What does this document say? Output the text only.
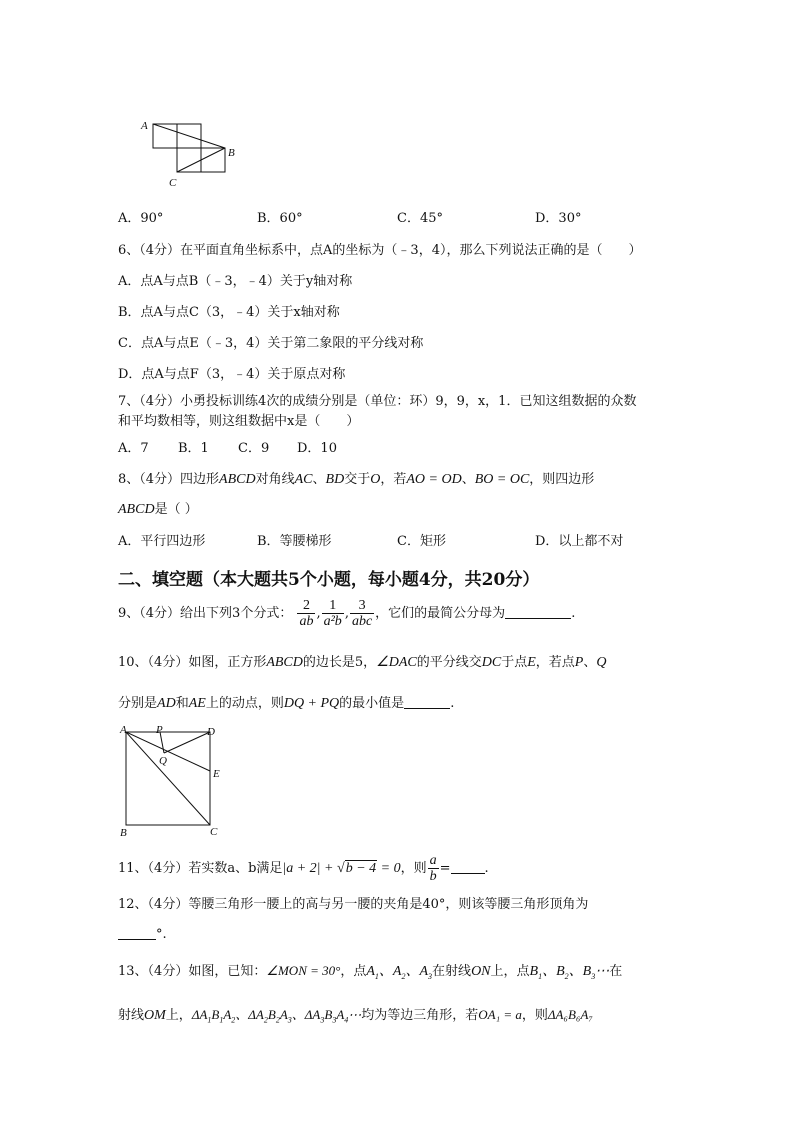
A
B
C
A．90°	B．60°	C．45°	D．30°
6、（4分）在平面直角坐标系中，点A的坐标为（﹣3，4），那么下列说法正确的是（　　）
A．点A与点B（﹣3，﹣4）关于y轴对称
B．点A与点C（3，﹣4）关于x轴对称
C．点A与点E（﹣3，4）关于第二象限的平分线对称
D．点A与点F（3，﹣4）关于原点对称
7、（4分）小勇投标训练4次的成绩分别是（单位：环）9，9，x，1．已知这组数据的众数
和平均数相等，则这组数据中x是（　　）
A．7 B．1 C．9 D．10
8、（4分）四边形ABCD对角线AC、BD交于O，若AO = OD、BO = OC，则四边形
ABCD是（ ）
A．平行四边形	B．等腰梯形	C．矩形	D．以上都不对
二、填空题（本大题共5个小题，每小题4分，共20分）
9、（4分）给出下列3个分式： $\frac{2}{ab}$ , $\frac{1}{\text{a²b}}$ , $\frac{3}{\text{abc}}$ ，它们的最简公分母为	.
10、（4分）如图，正方形ABCD的边长是5，∠DAC的平分线交DC于点E，若点P、Q
分别是AD和AE上的动点，则DQ + PQ的最小值是	.
A	P	D
Q
E
B	C
11、（4分）若实数a、b满足|a + 2| + √b − 4 = 0，则 $\frac{a}{b}$ =	.
12、（4分）等腰三角形一腰上的高与另一腰的夹角是40°，则该等腰三角形顶角为
°.
13、（4分）如图，已知：∠MON = 30°，点$A_1$、$A_2$、$A_3$在射线ON上，点$B_1$、$B_2$、$B_3\cdots$在
射线OM上，$\Delta A_1B_1A_2$、$\Delta A_2B_2A_3$、$\Delta A_3B_3A_4\cdots$均为等边三角形，若OA₁ = a，则ΔA₆B₆A₇
